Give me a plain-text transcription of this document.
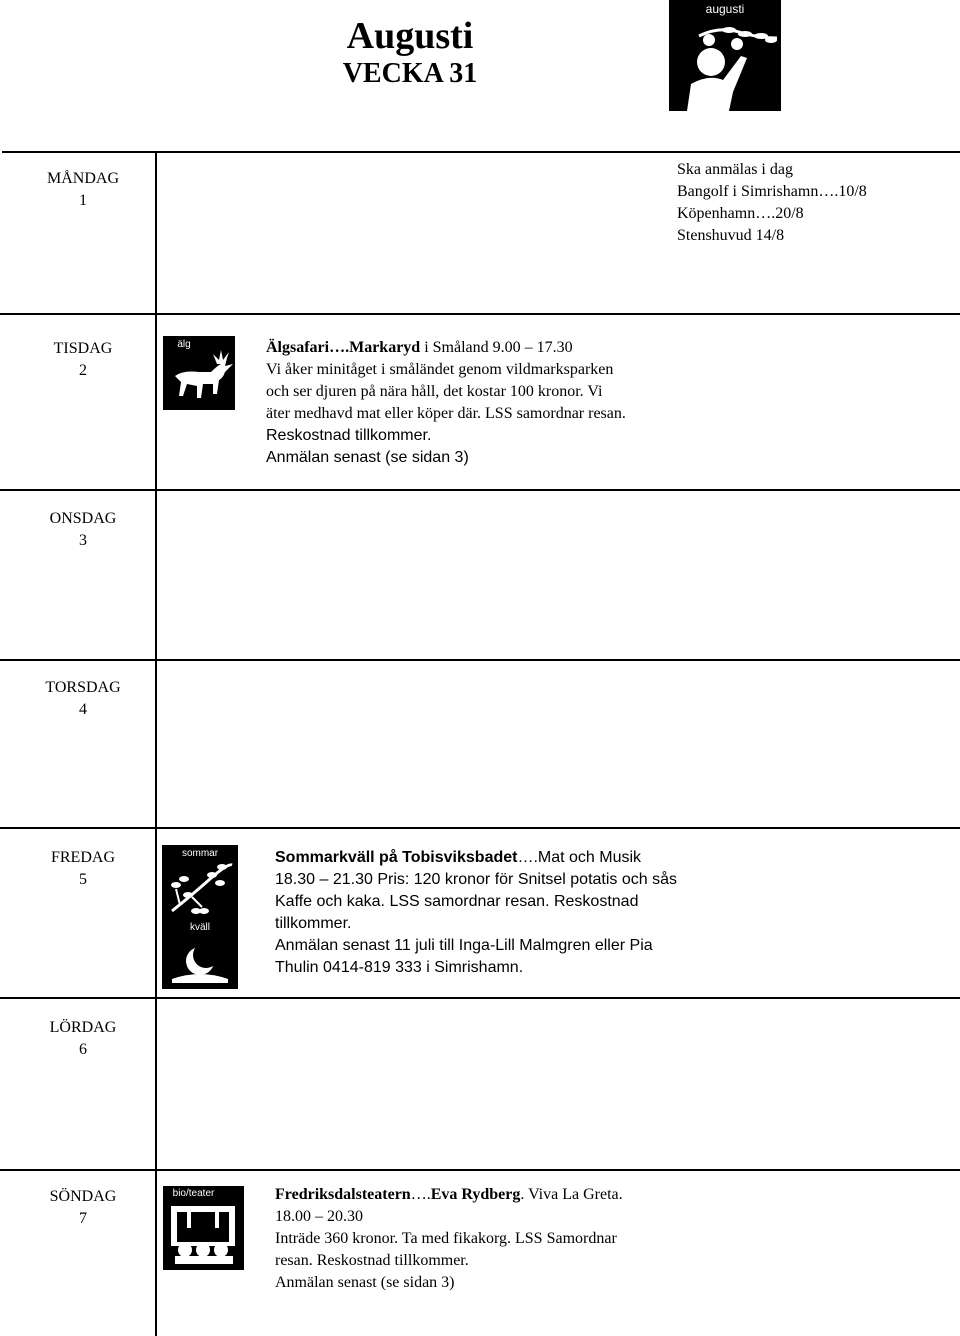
Augusti
VECKA 31
augusti
MÅNDAG
1
Ska anmälas i dag
Bangolf i Simrishamn….10/8
Köpenhamn….20/8
Stenshuvud 14/8
TISDAG
2
älg	Älgsafari….Markaryd i Småland 9.00 – 17.30
Vi åker minitåget i småländet genom vildmarksparken
och ser djuren på nära håll, det kostar 100 kronor. Vi
äter medhavd mat eller köper där. LSS samordnar resan.
Reskostnad tillkommer.
Anmälan senast (se sidan 3)
ONSDAG
3
TORSDAG
4
FREDAG
5
sommar
kväll
Sommarkväll på Tobisviksbadet….Mat och Musik
18.30 – 21.30 Pris: 120 kronor för Snitsel potatis och sås
Kaffe och kaka. LSS samordnar resan. Reskostnad
tillkommer.
Anmälan senast 11 juli till Inga-Lill Malmgren eller Pia
Thulin 0414-819 333 i Simrishamn.
LÖRDAG
6
SÖNDAG
7
bio/teater	Fredriksdalsteatern….Eva Rydberg. Viva La Greta.
18.00 – 20.30
Inträde 360 kronor. Ta med fikakorg. LSS Samordnar
resan. Reskostnad tillkommer.
Anmälan senast (se sidan 3)
